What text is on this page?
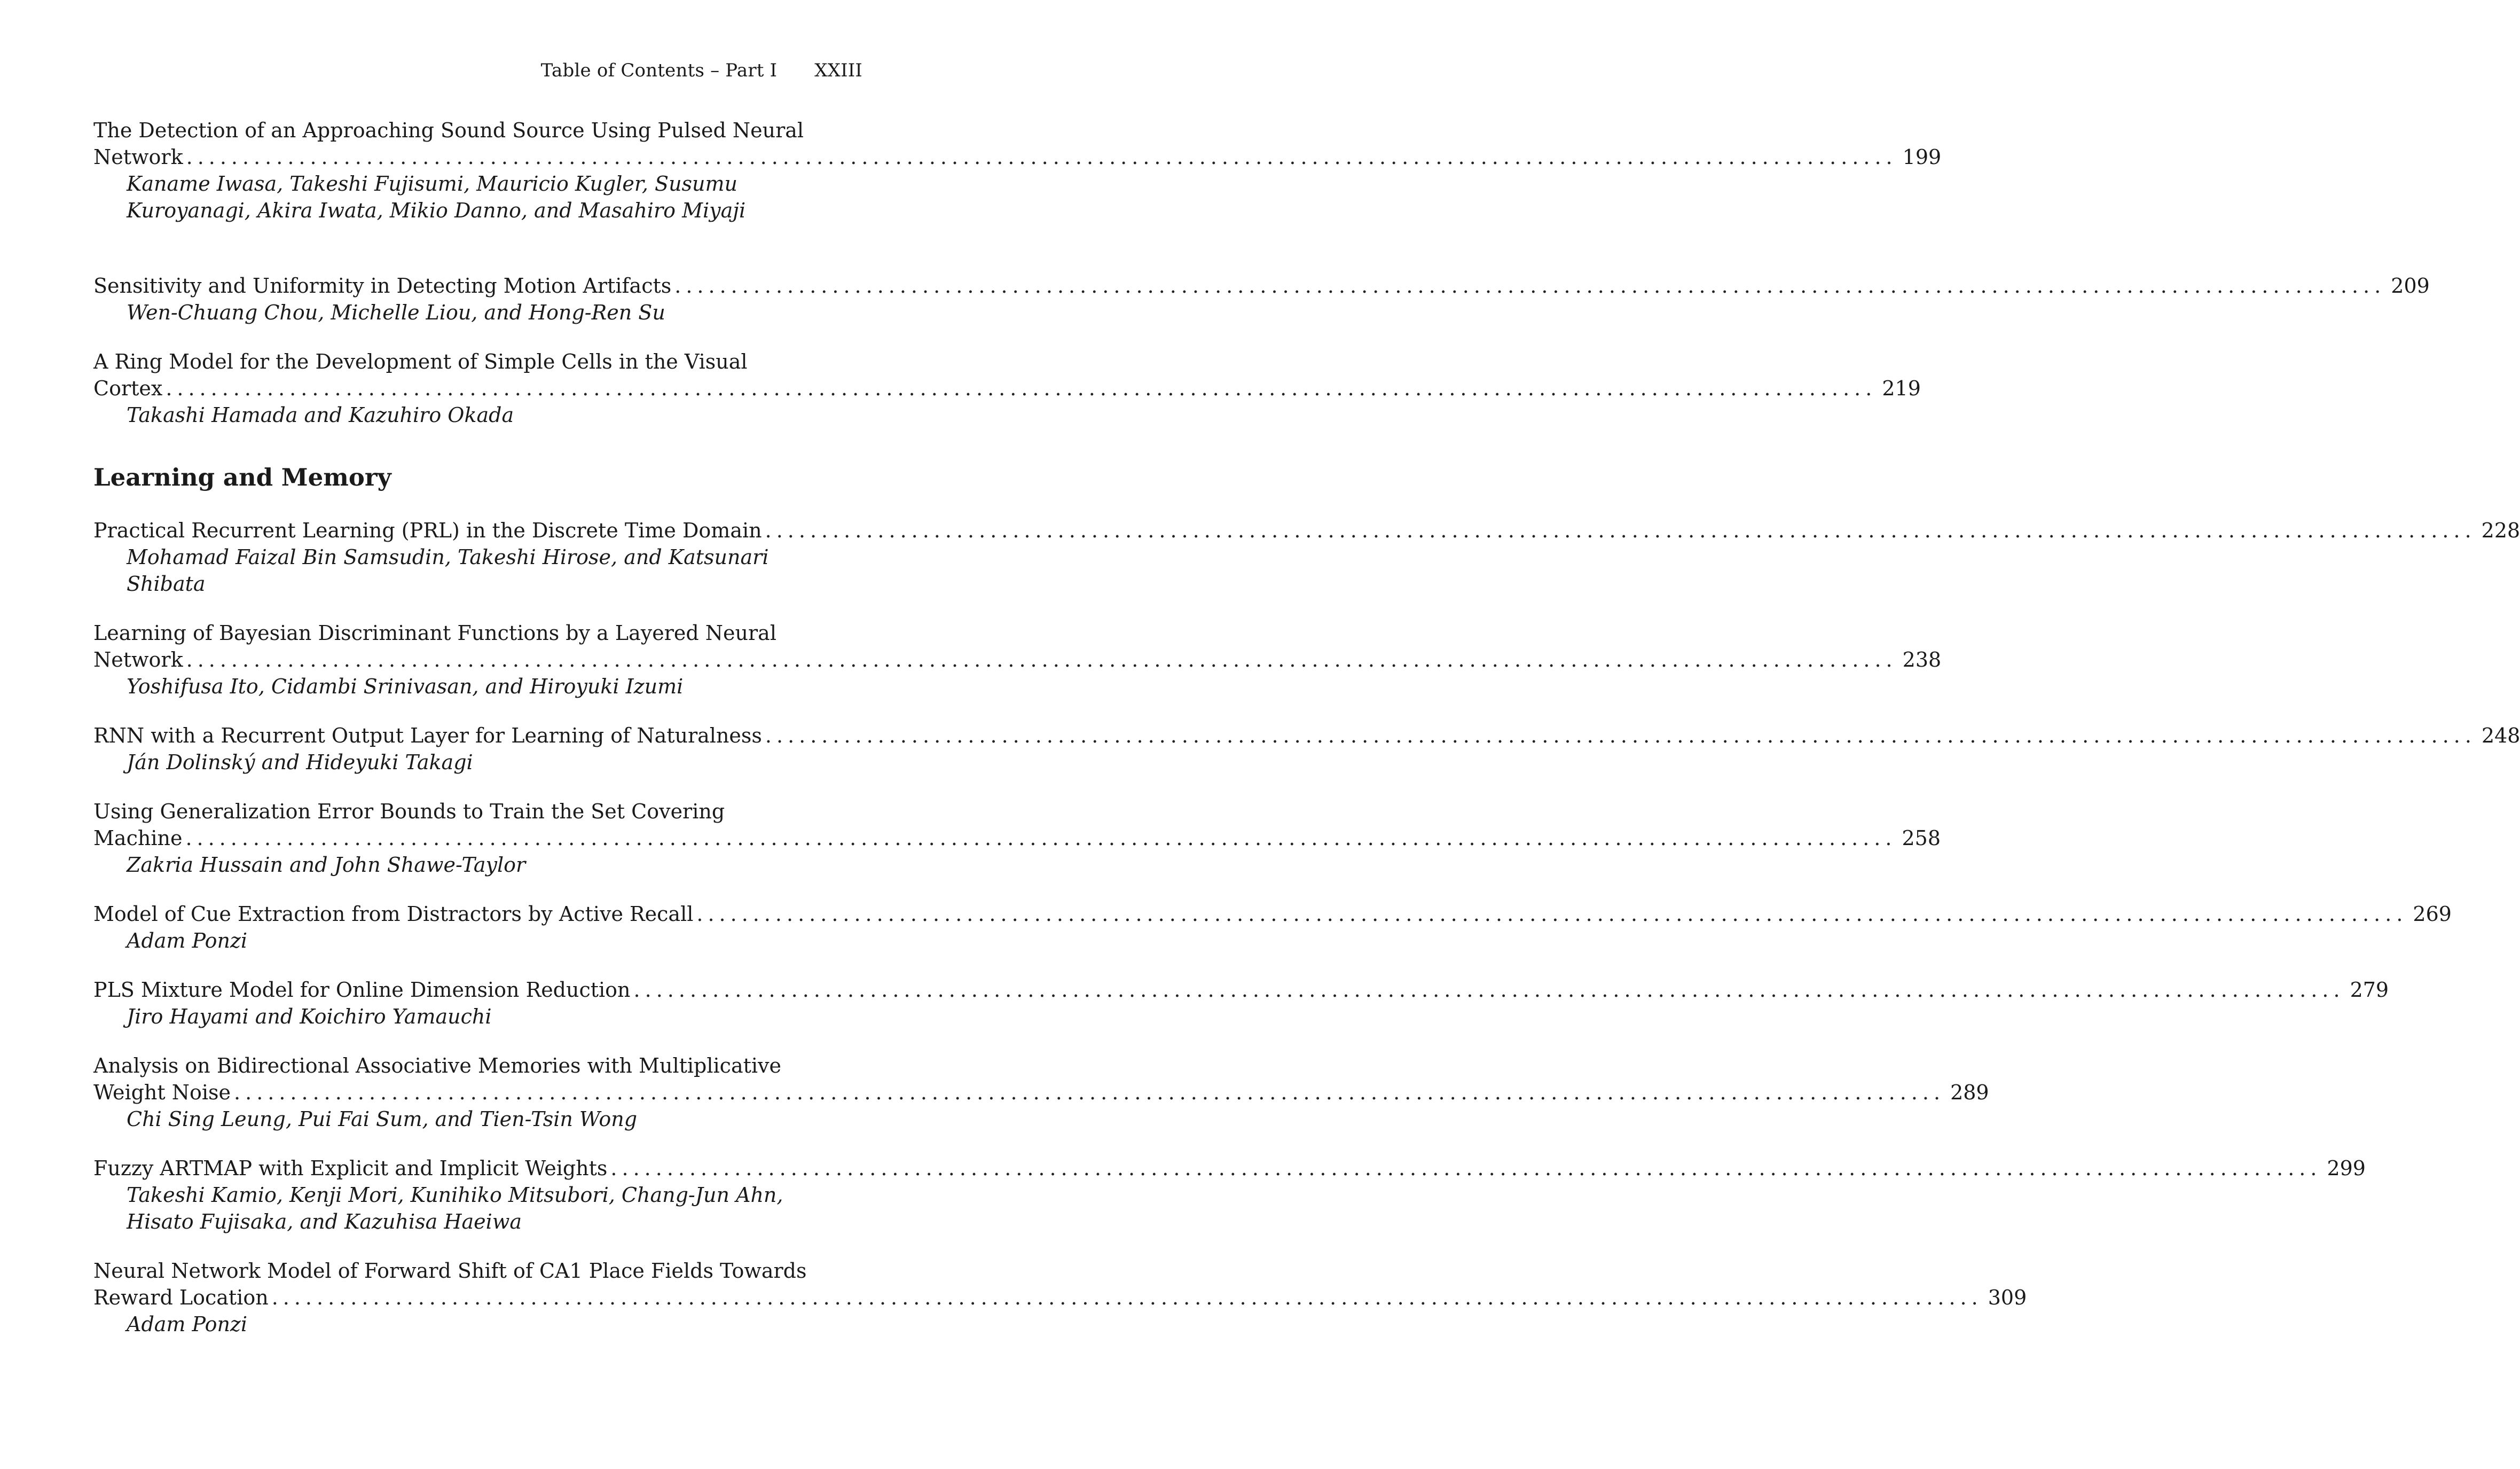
Table of Contents – Part I XXIII
The Detection of an Approaching Sound Source Using Pulsed Neural
Network ........................................................................................................................................................ 199
Kaname Iwasa, Takeshi Fujisumi, Mauricio Kugler, Susumu Kuroyanagi, Akira Iwata, Mikio Danno, and Masahiro Miyaji
Sensitivity and Uniformity in Detecting Motion Artifacts ........................................................................................................................................................ 209
Wen-Chuang Chou, Michelle Liou, and Hong-Ren Su
A Ring Model for the Development of Simple Cells in the Visual
Cortex ........................................................................................................................................................ 219
Takashi Hamada and Kazuhiro Okada
Learning and Memory
Practical Recurrent Learning (PRL) in the Discrete Time Domain ........................................................................................................................................................ 228
Mohamad Faizal Bin Samsudin, Takeshi Hirose, and Katsunari Shibata
Learning of Bayesian Discriminant Functions by a Layered Neural
Network ........................................................................................................................................................ 238
Yoshifusa Ito, Cidambi Srinivasan, and Hiroyuki Izumi
RNN with a Recurrent Output Layer for Learning of Naturalness ........................................................................................................................................................ 248
Ján Dolinský and Hideyuki Takagi
Using Generalization Error Bounds to Train the Set Covering
Machine ........................................................................................................................................................ 258
Zakria Hussain and John Shawe-Taylor
Model of Cue Extraction from Distractors by Active Recall ........................................................................................................................................................ 269
Adam Ponzi
PLS Mixture Model for Online Dimension Reduction ........................................................................................................................................................ 279
Jiro Hayami and Koichiro Yamauchi
Analysis on Bidirectional Associative Memories with Multiplicative
Weight Noise ........................................................................................................................................................ 289
Chi Sing Leung, Pui Fai Sum, and Tien-Tsin Wong
Fuzzy ARTMAP with Explicit and Implicit Weights ........................................................................................................................................................ 299
Takeshi Kamio, Kenji Mori, Kunihiko Mitsubori, Chang-Jun Ahn, Hisato Fujisaka, and Kazuhisa Haeiwa
Neural Network Model of Forward Shift of CA1 Place Fields Towards
Reward Location ........................................................................................................................................................ 309
Adam Ponzi
